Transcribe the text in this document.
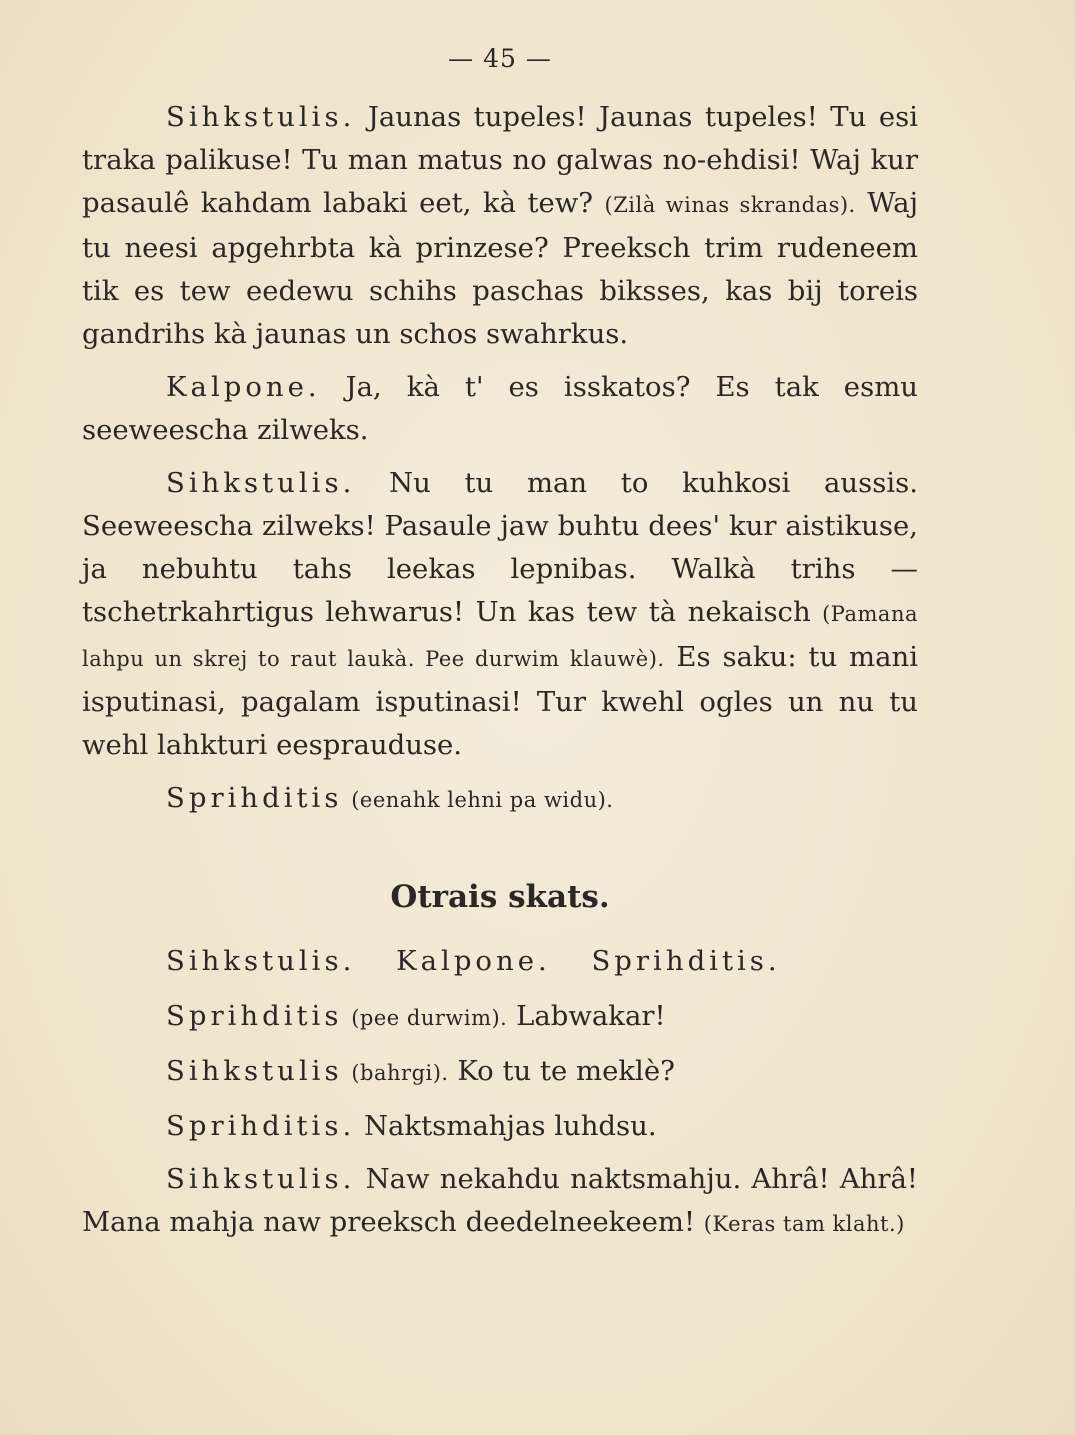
— 45 —

Sihkstulis. Jaunas tupeles! Jaunas tupeles! Tu esi traka palikuse! Tu man matus no galwas no-ehdisi! Waj kur pasaulê kahdam labaki eet, kà tew? (Zilà winas skrandas). Waj tu neesi apgehrbta kà prinzese? Preeksch trim rudeneem tik es tew eedewu schihs paschas biksses, kas bij toreis gandrihs kà jaunas un schos swahrkus.

Kalpone. Ja, kà t' es isskatos? Es tak esmu seeweescha zilweks.

Sihkstulis. Nu tu man to kuhkosi aussis. Seeweescha zilweks! Pasaule jaw buhtu dees' kur aistikuse, ja nebuhtu tahs leekas lepnibas. Walkà trihs — tschetrkahrtigus lehwarus! Un kas tew tà nekaisch (Pamana lahpu un skrej to raut laukà. Pee durwim klauwè). Es saku: tu mani isputinasi, pagalam isputinasi! Tur kwehl ogles un nu tu wehl lahkturi eesprauduse.

Sprihditis (eenahk lehni pa widu).

Otrais skats.

Sihkstulis. Kalpone. Sprihditis.

Sprihditis (pee durwim). Labwakar!

Sihkstulis (bahrgi). Ko tu te meklè?

Sprihditis. Naktsmahjas luhdsu.

Sihkstulis. Naw nekahdu naktsmahju. Ahrâ! Ahrâ! Mana mahja naw preeksch deedelneekeem! (Keras tam klaht.)
